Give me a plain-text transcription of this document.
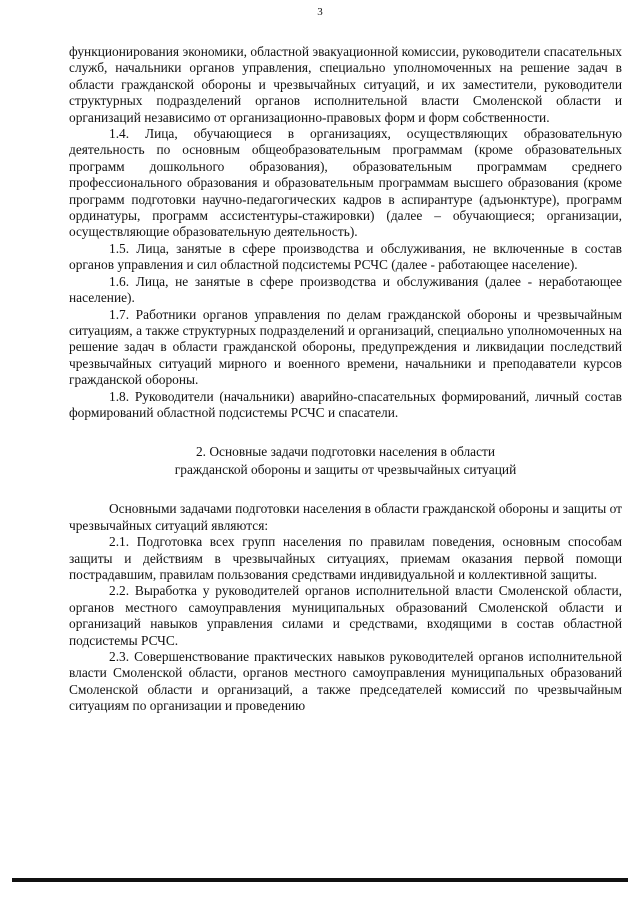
3

функционирования экономики, областной эвакуационной комиссии, руководители спасательных служб, начальники органов управления, специально уполномоченных на решение задач в области гражданской обороны и чрезвычайных ситуаций, и их заместители, руководители структурных подразделений органов исполнительной власти Смоленской области и организаций независимо от организационно-правовых форм и форм собственности.

1.4. Лица, обучающиеся в организациях, осуществляющих образовательную деятельность по основным общеобразовательным программам (кроме образовательных программ дошкольного образования), образовательным программам среднего профессионального образования и образовательным программам высшего образования (кроме программ подготовки научно-педагогических кадров в аспирантуре (адъюнктуре), программ ординатуры, программ ассистентуры-стажировки) (далее – обучающиеся; организации, осуществляющие образовательную деятельность).

1.5. Лица, занятые в сфере производства и обслуживания, не включенные в состав органов управления и сил областной подсистемы РСЧС (далее - работающее население).

1.6. Лица, не занятые в сфере производства и обслуживания (далее - неработающее население).

1.7. Работники органов управления по делам гражданской обороны и чрезвычайным ситуациям, а также структурных подразделений и организаций, специально уполномоченных на решение задач в области гражданской обороны, предупреждения и ликвидации последствий чрезвычайных ситуаций мирного и военного времени, начальники и преподаватели курсов гражданской обороны.

1.8. Руководители (начальники) аварийно-спасательных формирований, личный состав формирований областной подсистемы РСЧС и спасатели.

2. Основные задачи подготовки населения в области
гражданской обороны и защиты от чрезвычайных ситуаций

Основными задачами подготовки населения в области гражданской обороны и защиты от чрезвычайных ситуаций являются:

2.1. Подготовка всех групп населения по правилам поведения, основным способам защиты и действиям в чрезвычайных ситуациях, приемам оказания первой помощи пострадавшим, правилам пользования средствами индивидуальной и коллективной защиты.

2.2. Выработка у руководителей органов исполнительной власти Смоленской области, органов местного самоуправления муниципальных образований Смоленской области и организаций навыков управления силами и средствами, входящими в состав областной подсистемы РСЧС.

2.3. Совершенствование практических навыков руководителей органов исполнительной власти Смоленской области, органов местного самоуправления муниципальных образований Смоленской области и организаций, а также председателей комиссий по чрезвычайным ситуациям по организации и проведению
